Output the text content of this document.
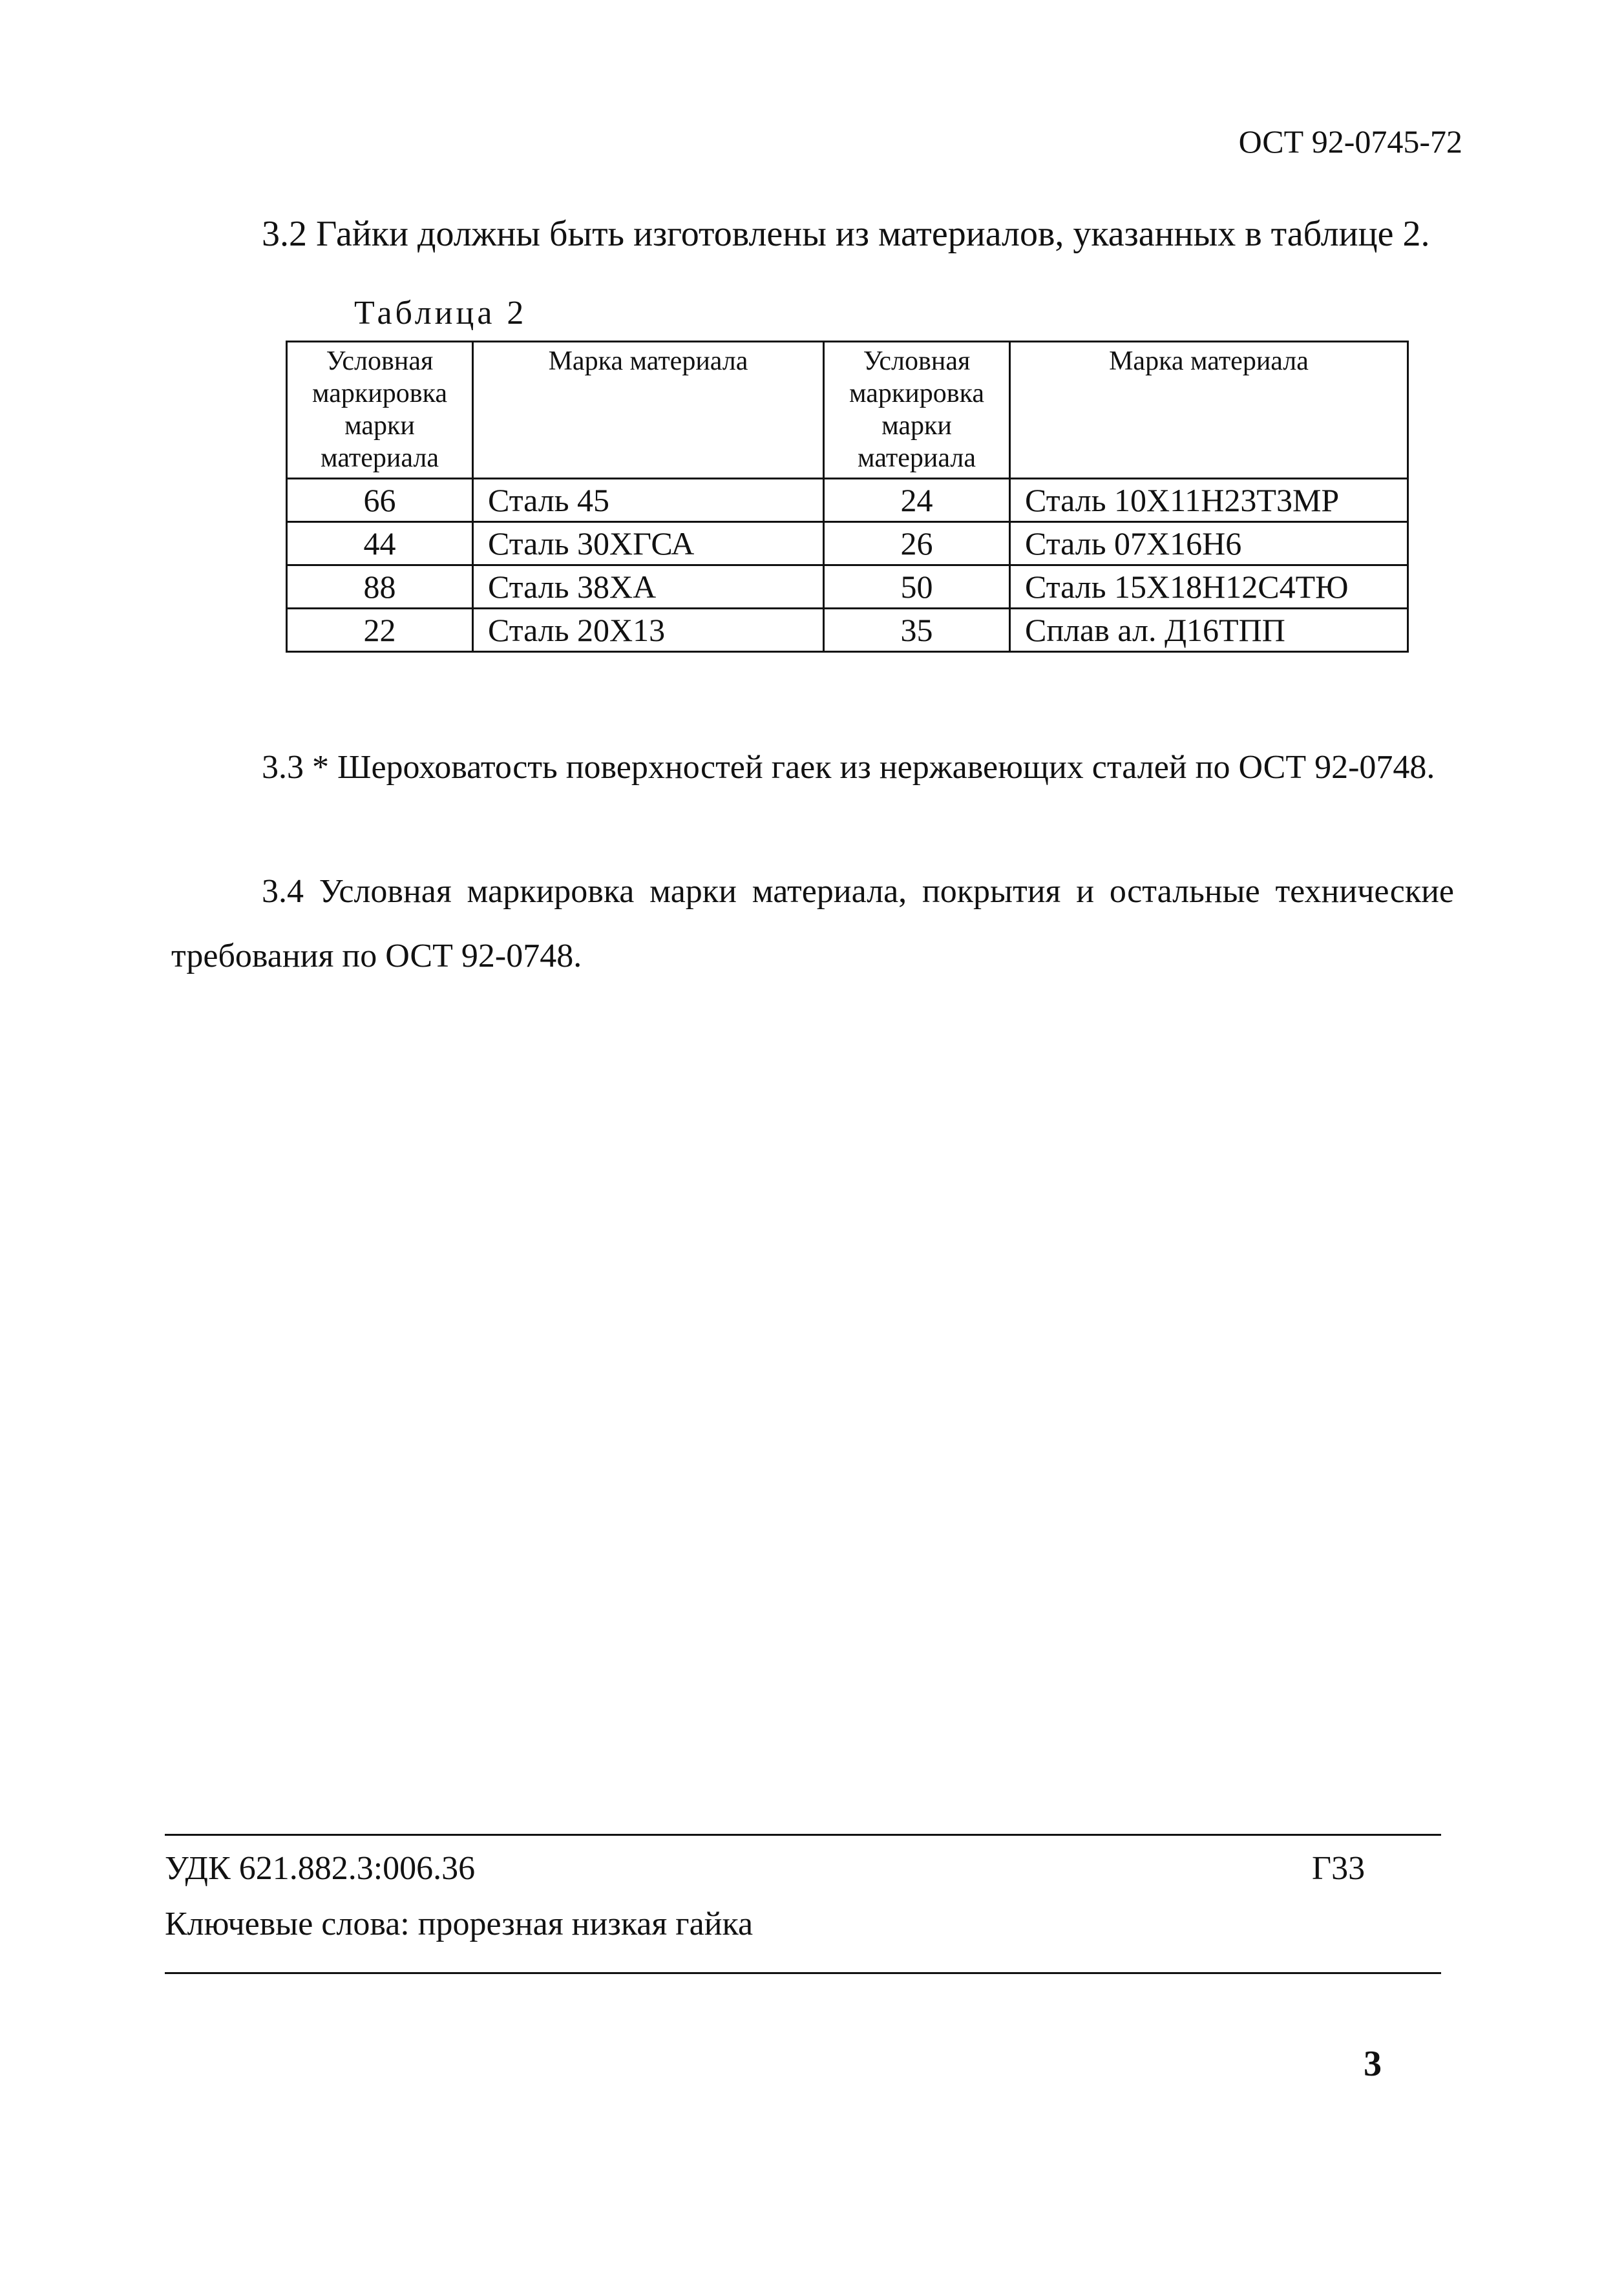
ОСТ 92-0745-72
3.2 Гайки должны быть изготовлены из материалов, указанных в таблице 2.
Таблица 2
Условная маркировка марки материала	Марка материала	Условная маркировка марки материала	Марка материала
66	Сталь 45	24	Сталь 10Х11Н23Т3МР
44	Сталь 30ХГСА	26	Сталь 07Х16Н6
88	Сталь 38ХА	50	Сталь 15Х18Н12С4ТЮ
22	Сталь 20Х13	35	Сплав ал. Д16ТПП
3.3 * Шероховатость поверхностей гаек из нержавеющих сталей по ОСТ 92-0748.
3.4 Условная маркировка марки материала, покрытия и остальные технические требования по ОСТ 92-0748.
УДК 621.882.3:006.36	Г33
Ключевые слова: прорезная низкая гайка
3
